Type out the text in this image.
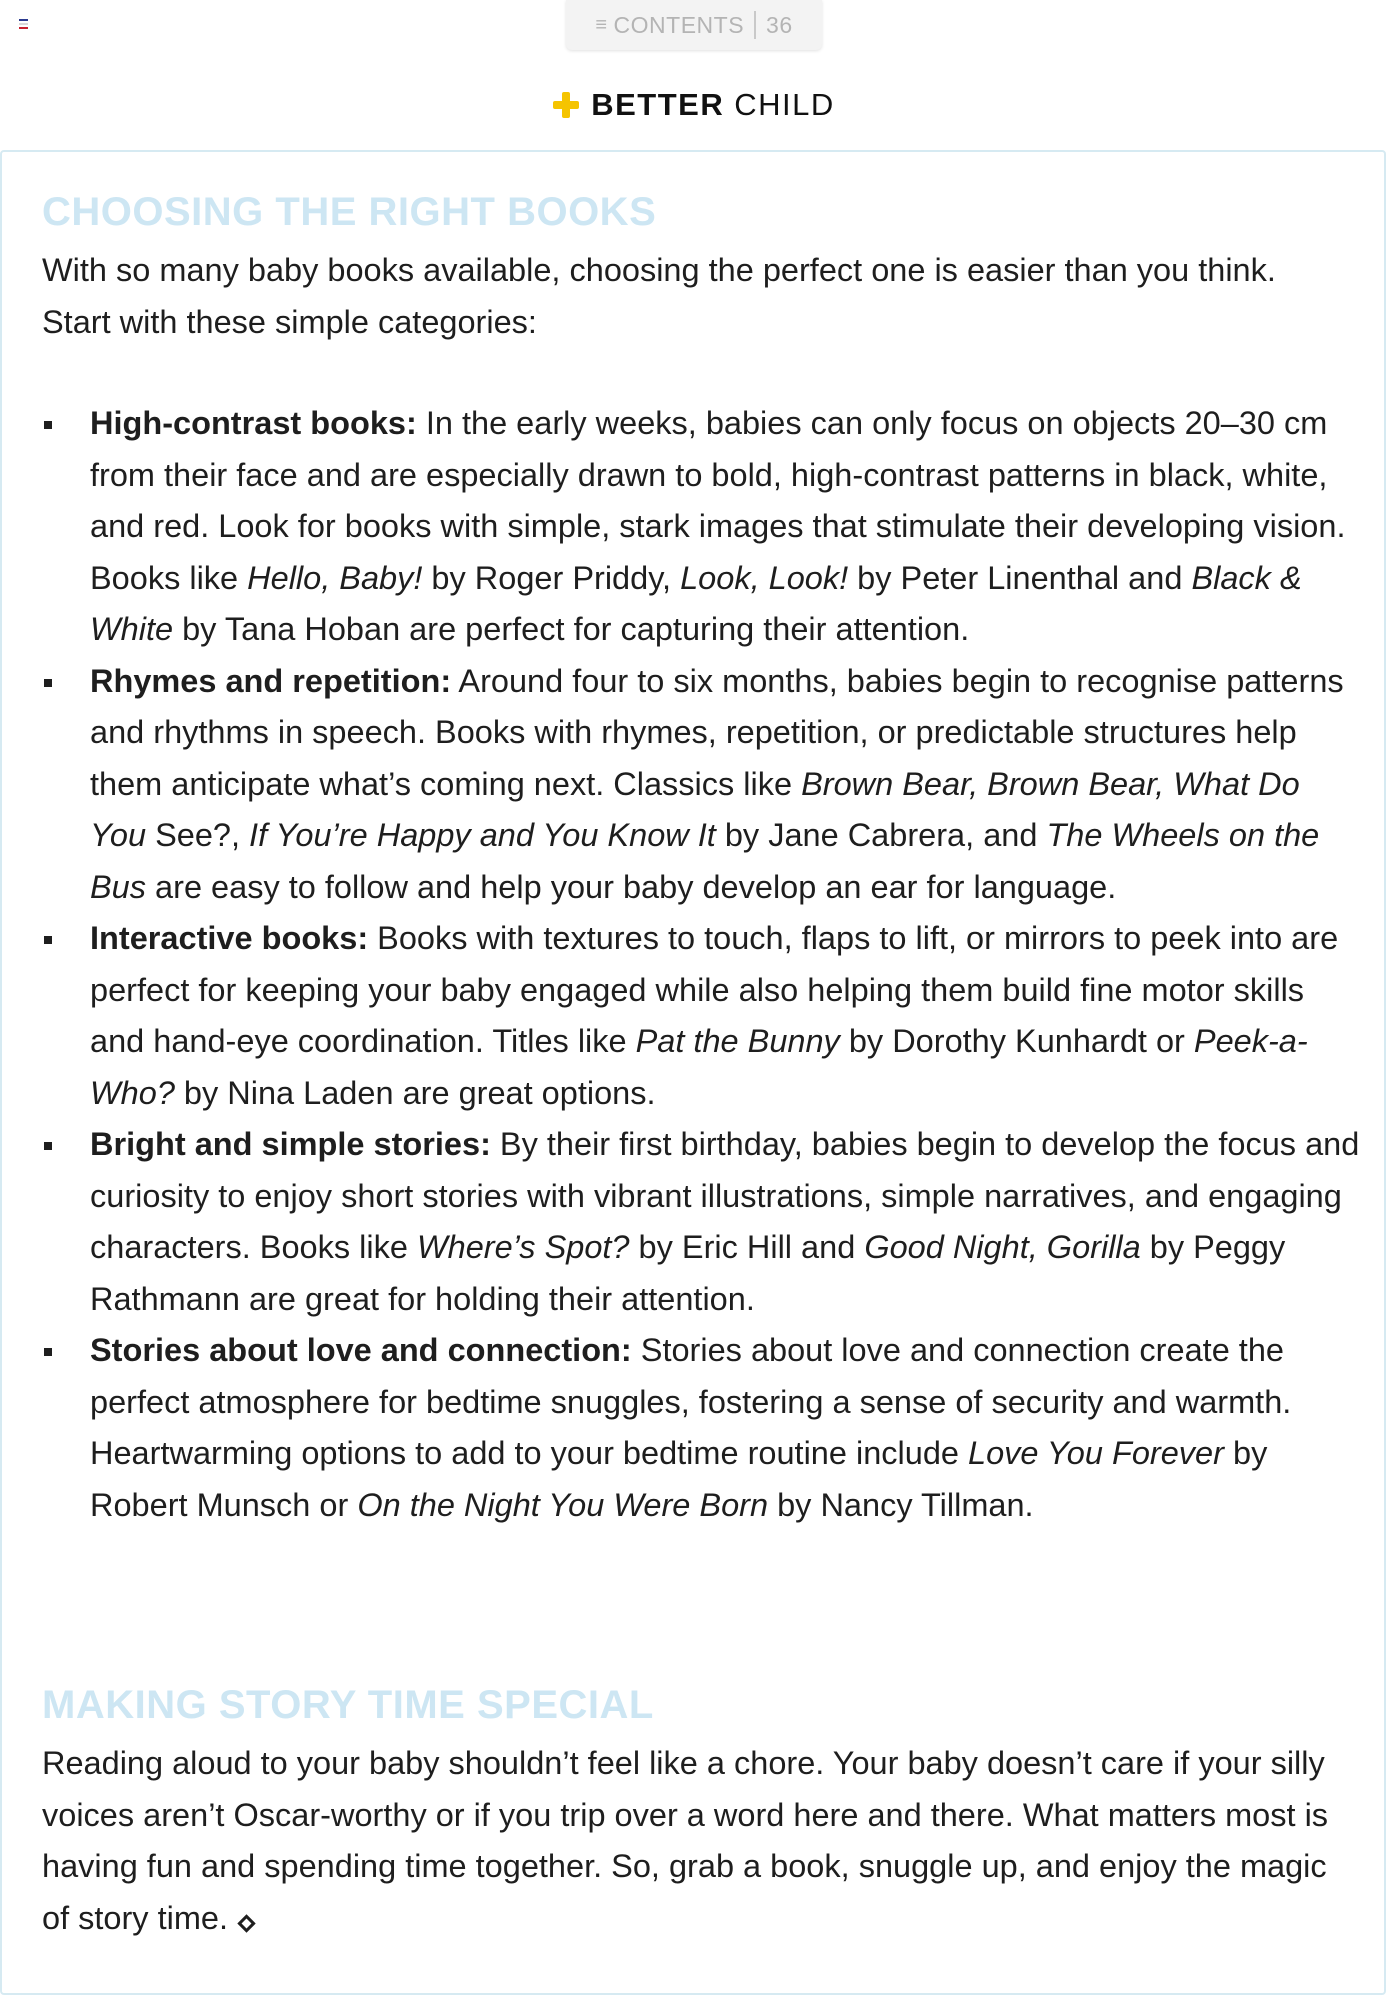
≡ CONTENTS 36
BETTER CHILD
CHOOSING THE RIGHT BOOKS

With so many baby books available, choosing the perfect one is easier than you think. Start with these simple categories:

High-contrast books: In the early weeks, babies can only focus on objects 20–30 cm from their face and are especially drawn to bold, high-contrast patterns in black, white, and red. Look for books with simple, stark images that stimulate their developing vision. Books like Hello, Baby! by Roger Priddy, Look, Look! by Peter Linenthal and Black & White by Tana Hoban are perfect for capturing their attention.
Rhymes and repetition: Around four to six months, babies begin to recognise patterns and rhythms in speech. Books with rhymes, repetition, or predictable structures help them anticipate what’s coming next. Classics like Brown Bear, Brown Bear, What Do You See?, If You’re Happy and You Know It by Jane Cabrera, and The Wheels on the Bus are easy to follow and help your baby develop an ear for language.
Interactive books: Books with textures to touch, flaps to lift, or mirrors to peek into are perfect for keeping your baby engaged while also helping them build fine motor skills and hand-eye coordination. Titles like Pat the Bunny by Dorothy Kunhardt or Peek-a-Who? by Nina Laden are great options.
Bright and simple stories: By their first birthday, babies begin to develop the focus and curiosity to enjoy short stories with vibrant illustrations, simple narratives, and engaging characters. Books like Where’s Spot? by Eric Hill and Good Night, Gorilla by Peggy Rathmann are great for holding their attention.
Stories about love and connection: Stories about love and connection create the perfect atmosphere for bedtime snuggles, fostering a sense of security and warmth. Heartwarming options to add to your bedtime routine include Love You Forever by Robert Munsch or On the Night You Were Born by Nancy Tillman.
MAKING STORY TIME SPECIAL

Reading aloud to your baby shouldn’t feel like a chore. Your baby doesn’t care if your silly voices aren’t Oscar-worthy or if you trip over a word here and there. What matters most is having fun and spending time together. So, grab a book, snuggle up, and enjoy the magic of story time.
